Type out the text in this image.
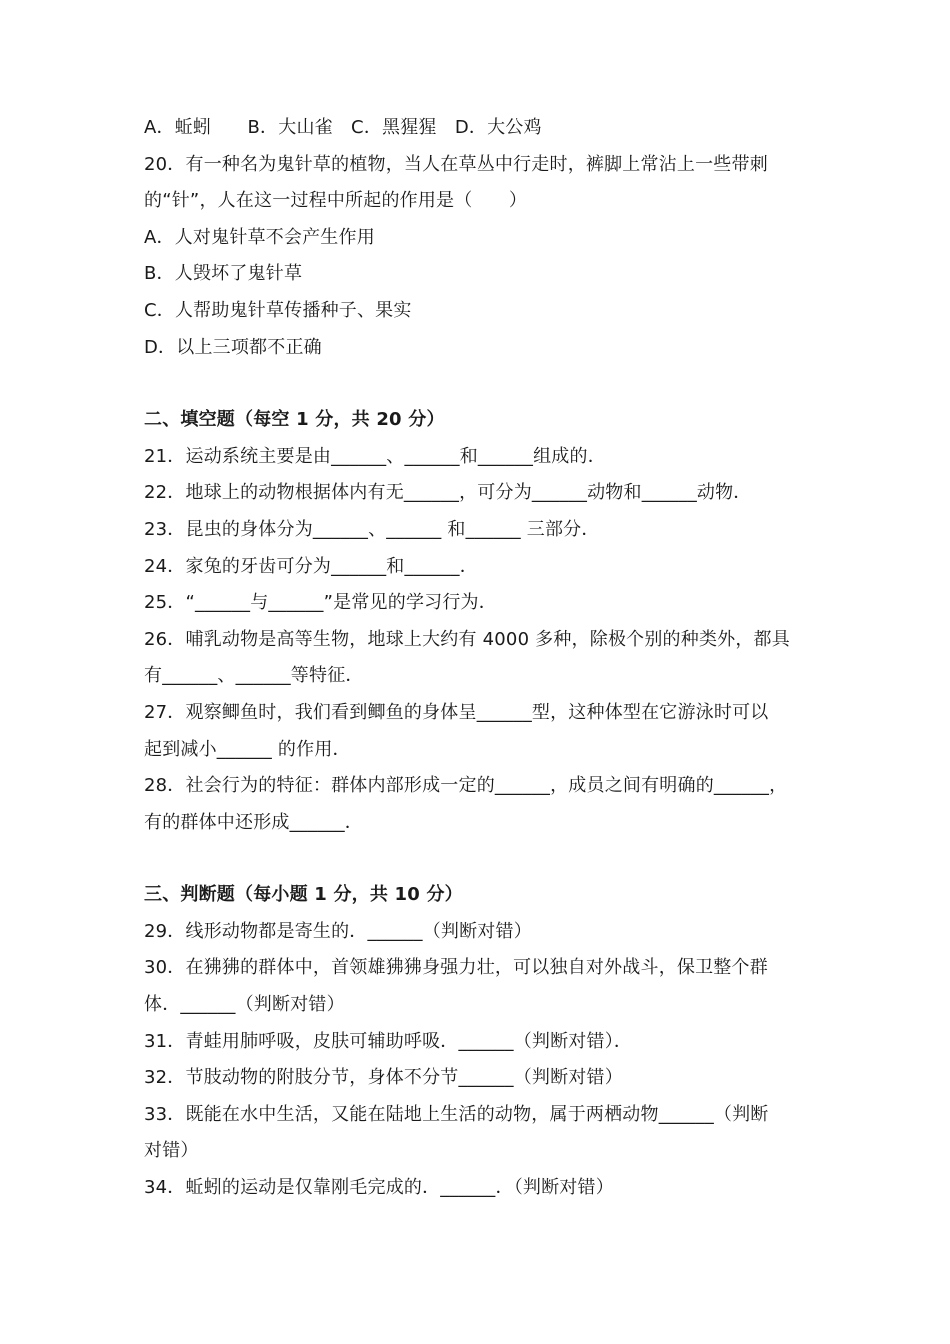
A．蚯蚓　　B．大山雀　C．黑猩猩　D．大公鸡
20．有一种名为鬼针草的植物，当人在草丛中行走时，裤脚上常沾上一些带刺
的“针”，人在这一过程中所起的作用是（　　）
A．人对鬼针草不会产生作用
B．人毁坏了鬼针草
C．人帮助鬼针草传播种子、果实
D．以上三项都不正确
二、填空题（每空 1 分，共 20 分）
21．运动系统主要是由______、______和______组成的．
22．地球上的动物根据体内有无______，可分为______动物和______动物．
23．昆虫的身体分为______、______ 和______ 三部分．
24．家兔的牙齿可分为______和______．
25．“______与______”是常见的学习行为．
26．哺乳动物是高等生物，地球上大约有 4000 多种，除极个别的种类外，都具
有______、______等特征．
27．观察鲫鱼时，我们看到鲫鱼的身体呈______型，这种体型在它游泳时可以
起到减小______ 的作用．
28．社会行为的特征：群体内部形成一定的______，成员之间有明确的______，
有的群体中还形成______．
三、判断题（每小题 1 分，共 10 分）
29．线形动物都是寄生的．______（判断对错）
30．在狒狒的群体中，首领雄狒狒身强力壮，可以独自对外战斗，保卫整个群
体．______（判断对错）
31．青蛙用肺呼吸，皮肤可辅助呼吸．______（判断对错）．
32．节肢动物的附肢分节，身体不分节______（判断对错）
33．既能在水中生活，又能在陆地上生活的动物，属于两栖动物______（判断
对错）
34．蚯蚓的运动是仅靠刚毛完成的．______．（判断对错）
